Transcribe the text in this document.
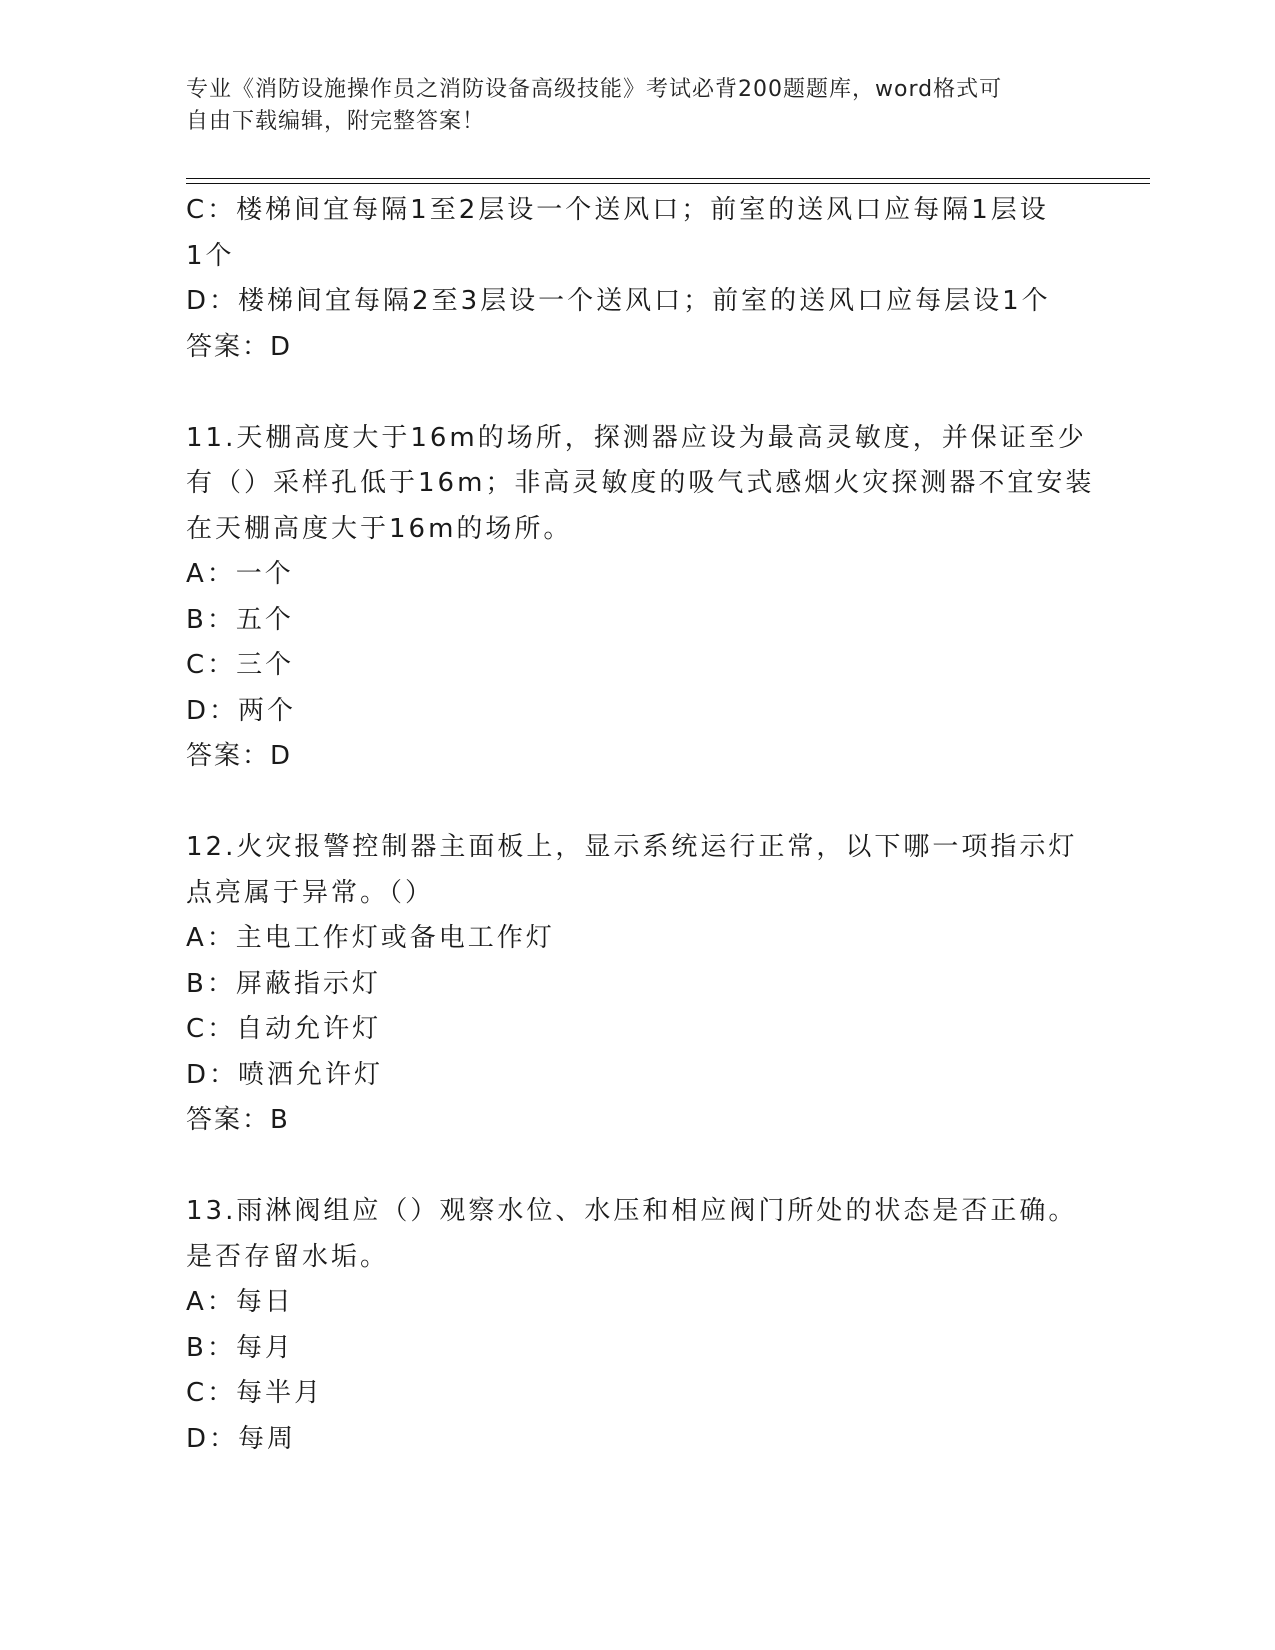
专业《消防设施操作员之消防设备高级技能》考试必背200题题库，word格式可
自由下载编辑，附完整答案！
C：楼梯间宜每隔1至2层设一个送风口；前室的送风口应每隔1层设
1个
D：楼梯间宜每隔2至3层设一个送风口；前室的送风口应每层设1个
答案：D
11.天棚高度大于16m的场所，探测器应设为最高灵敏度，并保证至少
有（）采样孔低于16m；非高灵敏度的吸气式感烟火灾探测器不宜安装
在天棚高度大于16m的场所。
A：一个
B：五个
C：三个
D：两个
答案：D
12.火灾报警控制器主面板上，显示系统运行正常，以下哪一项指示灯
点亮属于异常。（）
A：主电工作灯或备电工作灯
B：屏蔽指示灯
C：自动允许灯
D：喷洒允许灯
答案：B
13.雨淋阀组应（）观察水位、水压和相应阀门所处的状态是否正确。
是否存留水垢。
A：每日
B：每月
C：每半月
D：每周
